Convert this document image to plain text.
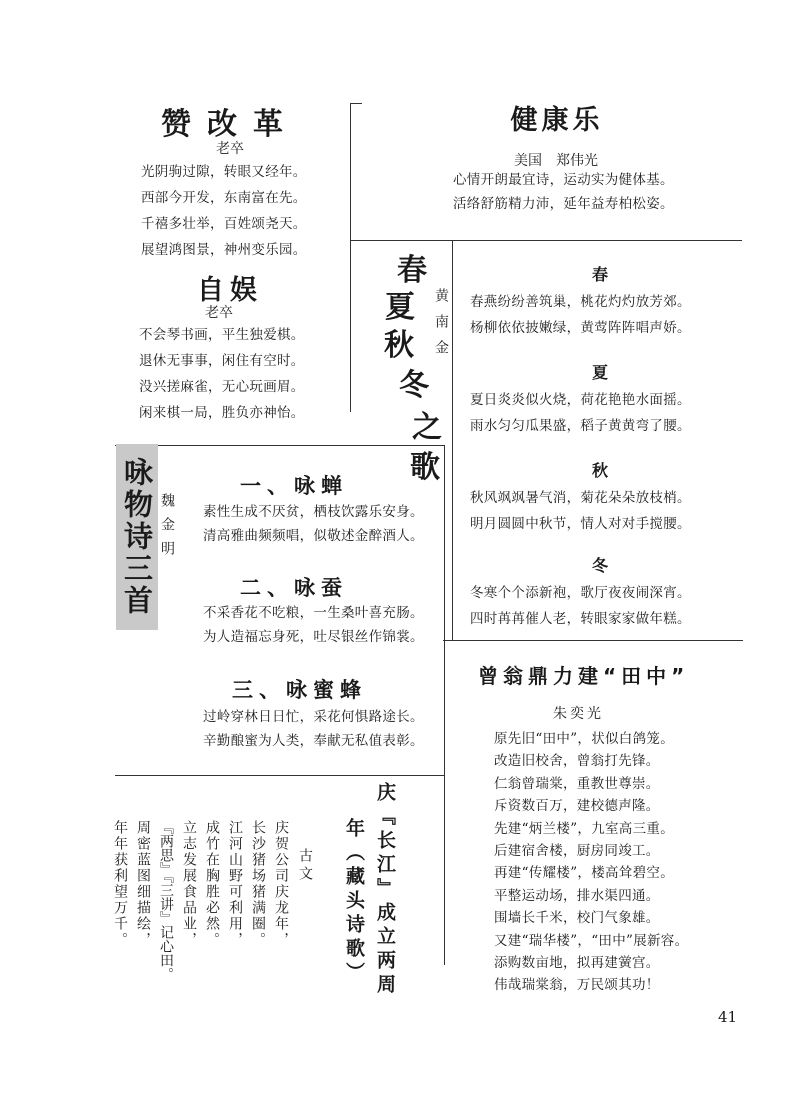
赞改革
老卒
光阴驹过隙，转眼又经年。
西部今开发，东南富在先。
千禧多壮举，百姓颂尧天。
展望鸿图景，神州变乐园。
自娱
老卒
不会琴书画，平生独爱棋。
退休无事事，闲住有空时。
没兴搓麻雀，无心玩画眉。
闲来棋一局，胜负亦神怡。
健康乐
美国　郑伟光
心情开朗最宜诗，运动实为健体基。
活络舒筋精力沛，延年益寿柏松姿。
春
夏
秋
冬
之
歌
黄南金
春
春燕纷纷善筑巢，桃花灼灼放芳郊。
杨柳依依披嫩绿，黄莺阵阵唱声娇。
夏
夏日炎炎似火烧，荷花艳艳水面摇。
雨水匀匀瓜果盛，稻子黄黄弯了腰。
秋
秋风飒飒暑气消，菊花朵朵放枝梢。
明月圆圆中秋节，情人对对手搅腰。
冬
冬寒个个添新袍，歌厅夜夜闹深宵。
四时苒苒催人老，转眼家家做年糕。
咏物诗三首 魏金明
一、咏蝉
素性生成不厌贫，栖枝饮露乐安身。
清高雅曲频频唱，似敬述金醉酒人。
二、咏蚕
不采香花不吃粮，一生桑叶喜充肠。
为人造福忘身死，吐尽银丝作锦裳。
三、咏蜜蜂
过岭穿林日日忙，采花何惧路途长。
辛勤酿蜜为人类，奉献无私值表彰。
曾翁鼎力建“田中”
朱奕光
原先旧“田中”，状似白鸽笼。
改造旧校舍，曾翁打先锋。
仁翁曾瑞棠，重教世尊崇。
斥资数百万，建校德声隆。
先建“炳兰楼”，九室高三重。
后建宿舍楼，厨房同竣工。
再建“传耀楼”，楼高耸碧空。
平整运动场，排水渠四通。
围墙长千米，校门气象雄。
又建“瑞华楼”，“田中”展新容。
添购数亩地，拟再建黉宫。
伟哉瑞棠翁，万民颂其功！
庆『长江』成立两周
年（藏头诗歌）
古文
庆贺公司庆龙年，
长沙猪场猪满圈。
江河山野可利用，
成竹在胸胜必然。
立志发展食品业，
『两思』『三讲』记心田。
周密蓝图细描绘，
年年获利望万千。
41
